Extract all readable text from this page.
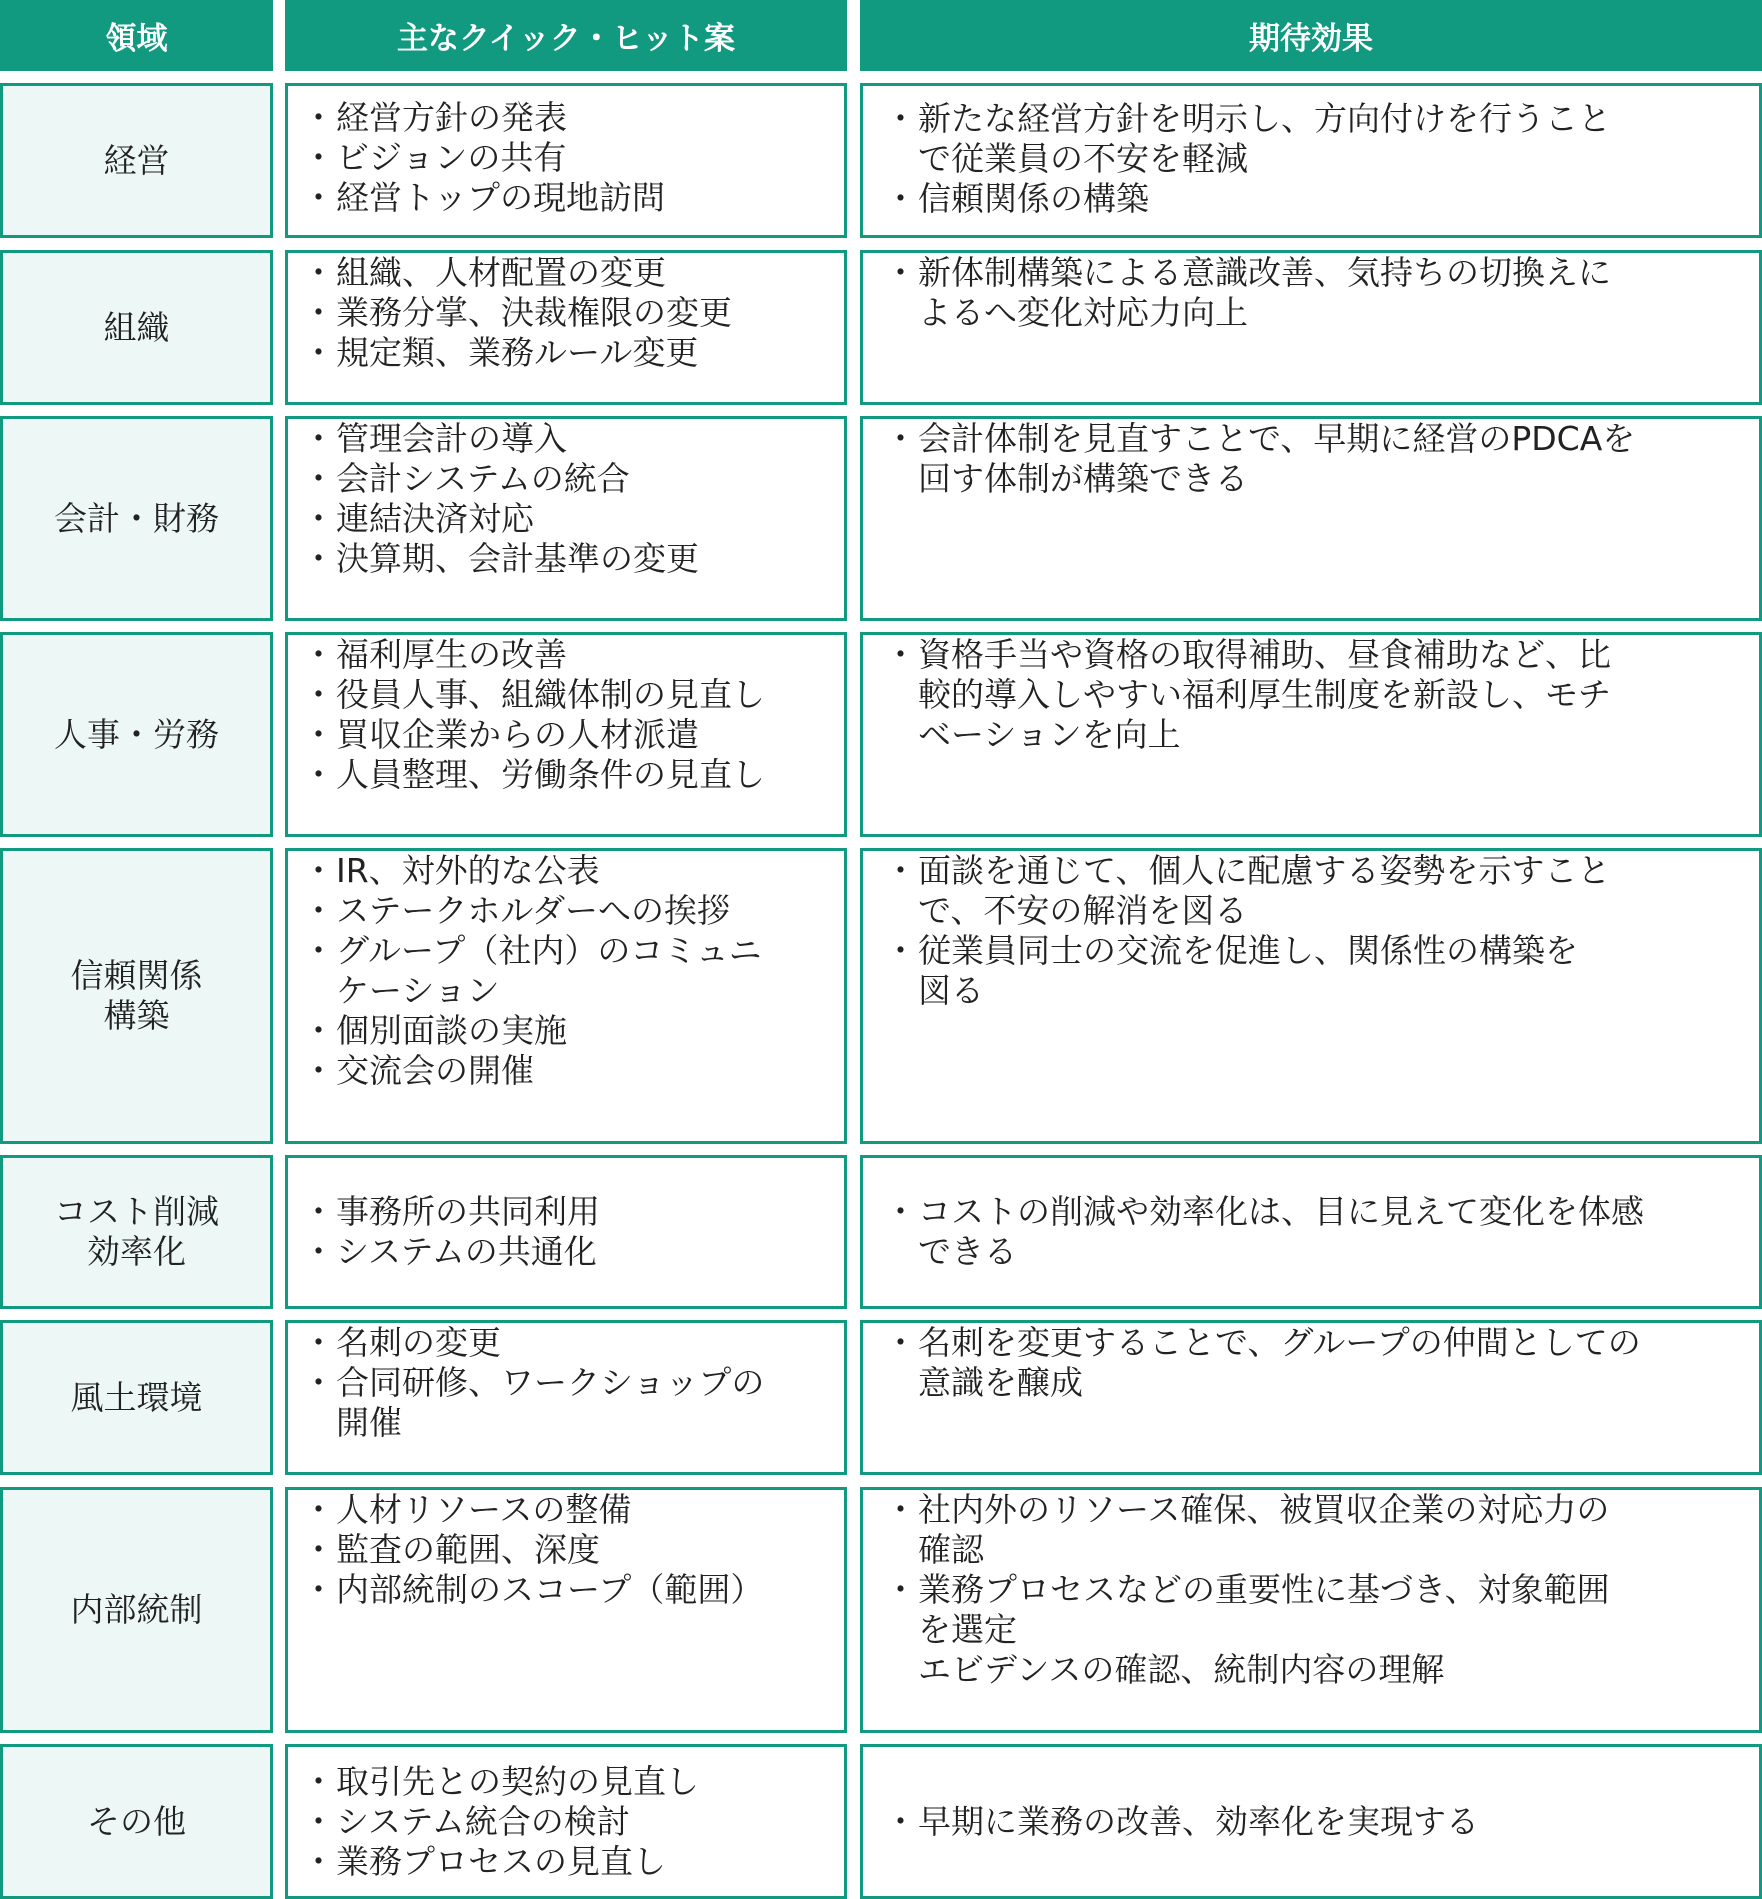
領域	主なクイック・ヒット案	期待効果
経営
・ 経営方針の発表
・ ビジョンの共有
・ 経営トップの現地訪問
・ 新たな経営方針を明示し、方向付けを行うこと
で従業員の不安を軽減
・ 信頼関係の構築
組織
・ 組織、人材配置の変更
・ 業務分掌、決裁権限の変更
・ 規定類、業務ルール変更
・ 新体制構築による意識改善、気持ちの切換えに
よるへ変化対応力向上
会計・財務
・ 管理会計の導入
・ 会計システムの統合
・ 連結決済対応
・ 決算期、会計基準の変更
・ 会計体制を見直すことで、早期に経営のPDCAを
回す体制が構築できる
人事・労務
・ 福利厚生の改善
・ 役員人事、組織体制の見直し
・ 買収企業からの人材派遣
・ 人員整理、労働条件の見直し
・ 資格手当や資格の取得補助、昼食補助など、比
較的導入しやすい福利厚生制度を新設し、モチ
ベーションを向上
信頼関係
構築
・ IR、対外的な公表
・ ステークホルダーへの挨拶
・ グループ（社内）のコミュニ
ケーション
・ 個別面談の実施
・ 交流会の開催
・ 面談を通じて、個人に配慮する姿勢を示すこと
で、不安の解消を図る
・ 従業員同士の交流を促進し、関係性の構築を
図る
コスト削減
効率化
・ 事務所の共同利用
・ システムの共通化
・ コストの削減や効率化は、目に見えて変化を体感
できる
風土環境
・ 名刺の変更
・ 合同研修、ワークショップの
開催
・ 名刺を変更することで、グループの仲間としての
意識を醸成
内部統制
・ 人材リソースの整備
・ 監査の範囲、深度
・ 内部統制のスコープ（範囲）
・ 社内外のリソース確保、被買収企業の対応力の
確認
・ 業務プロセスなどの重要性に基づき、対象範囲
を選定
エビデンスの確認、統制内容の理解
その他
・ 取引先との契約の見直し
・ システム統合の検討
・ 業務プロセスの見直し
・ 早期に業務の改善、効率化を実現する
